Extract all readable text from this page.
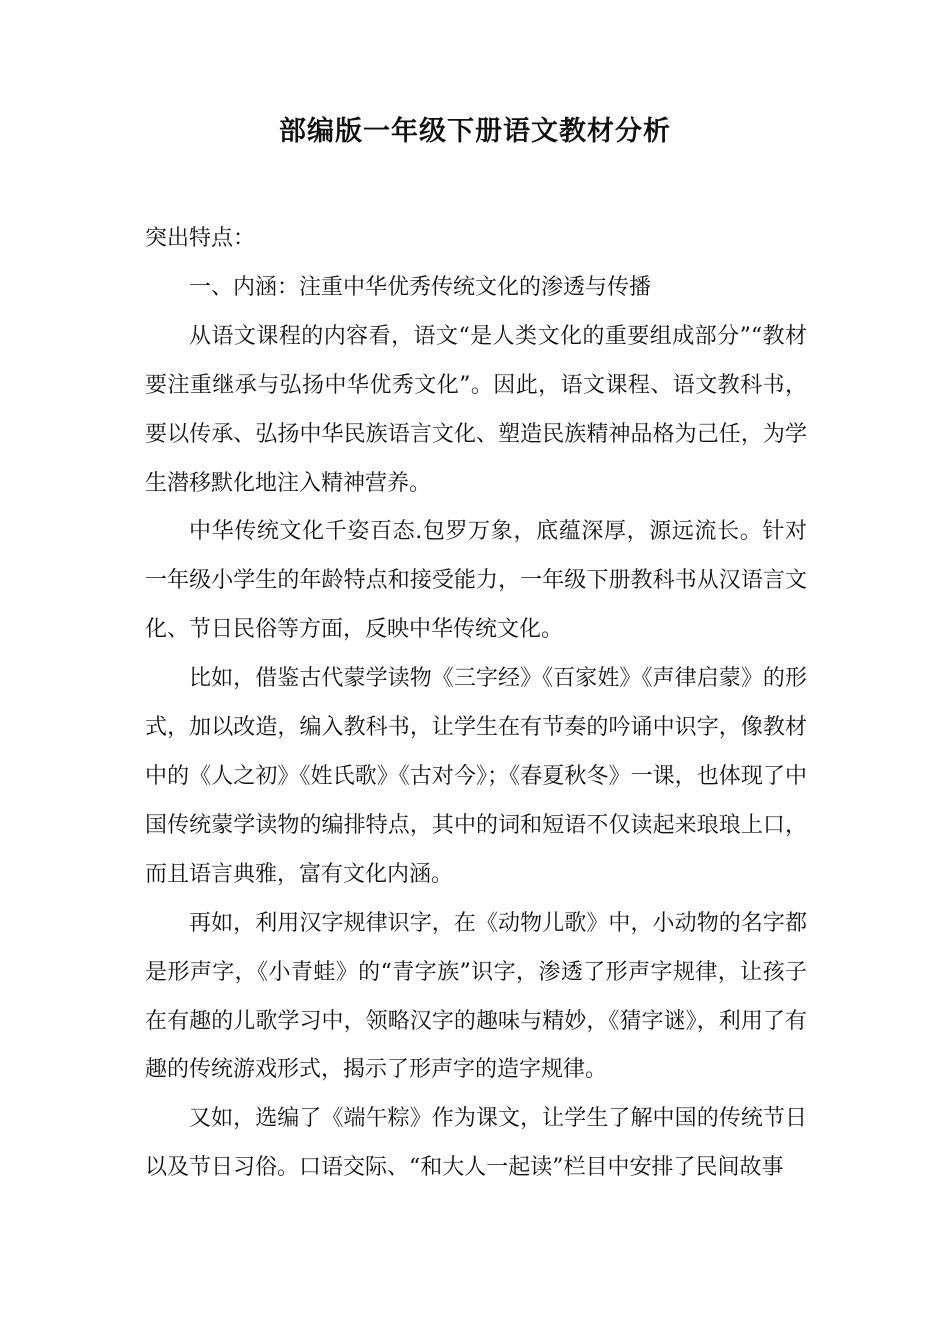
部编版一年级下册语文教材分析

突出特点：

一、内涵：注重中华优秀传统文化的渗透与传播

从语文课程的内容看，语文“是人类文化的重要组成部分”“教材要注重继承与弘扬中华优秀文化”。因此，语文课程、语文教科书，要以传承、弘扬中华民族语言文化、塑造民族精神品格为己任，为学生潜移默化地注入精神营养。

中华传统文化千姿百态.包罗万象，底蕴深厚，源远流长。针对一年级小学生的年龄特点和接受能力，一年级下册教科书从汉语言文化、节日民俗等方面，反映中华传统文化。

比如，借鉴古代蒙学读物《三字经》《百家姓》《声律启蒙》的形式，加以改造，编入教科书，让学生在有节奏的吟诵中识字，像教材中的《人之初》《姓氏歌》《古对今》；《春夏秋冬》一课，也体现了中国传统蒙学读物的编排特点，其中的词和短语不仅读起来琅琅上口，而且语言典雅，富有文化内涵。

再如，利用汉字规律识字，在《动物儿歌》中，小动物的名字都是形声字，《小青蛙》的“青字族”识字，渗透了形声字规律，让孩子在有趣的儿歌学习中，领略汉字的趣味与精妙，《猜字谜》，利用了有趣的传统游戏形式，揭示了形声字的造字规律。

又如，选编了《端午粽》作为课文，让学生了解中国的传统节日以及节日习俗。口语交际、“和大人一起读”栏目中安排了民间故事
